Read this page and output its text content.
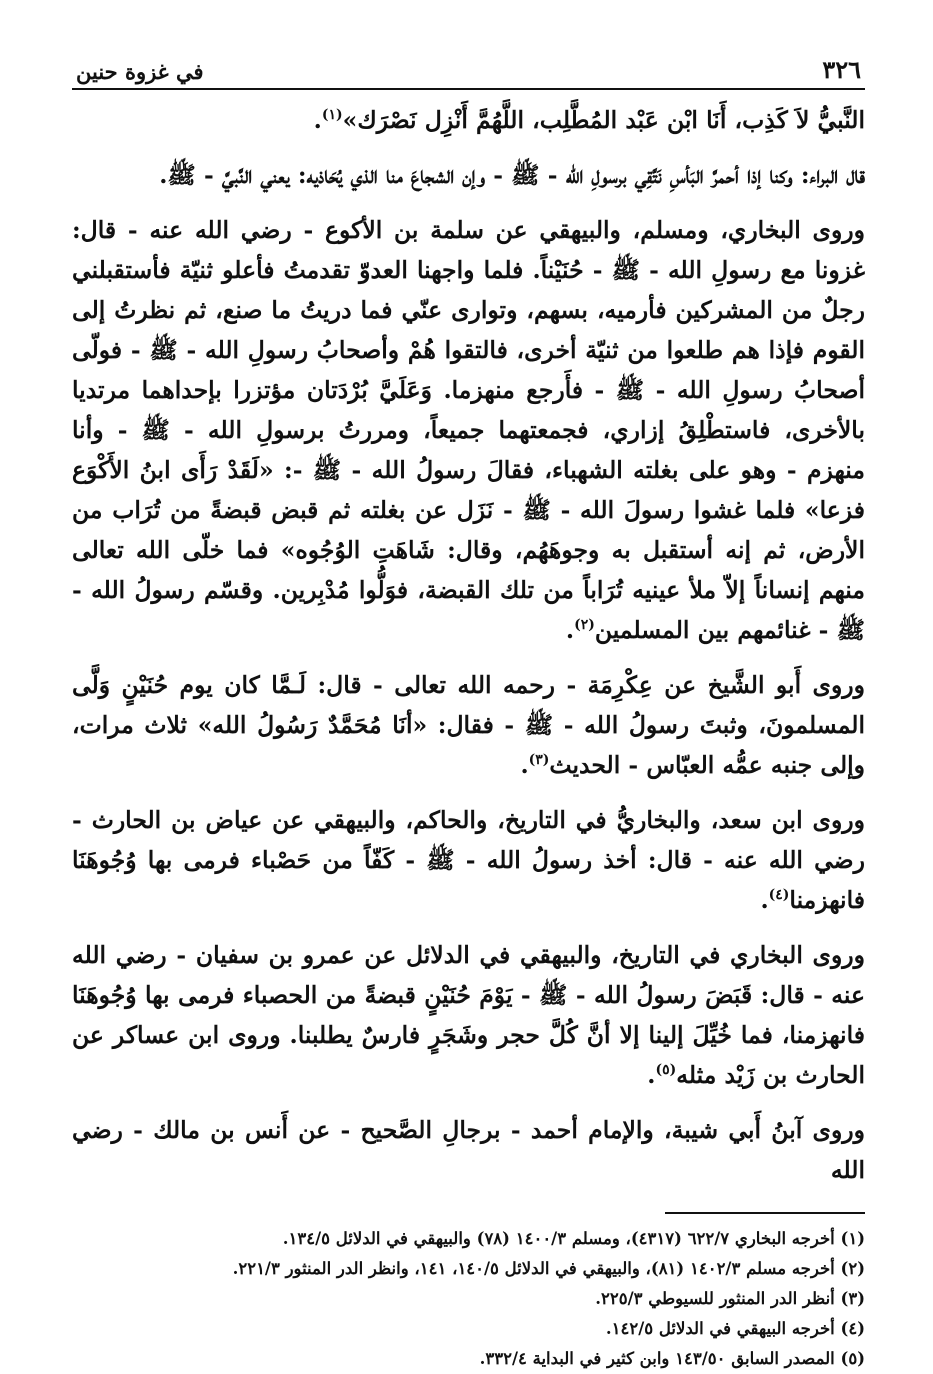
٣٢٦
في غزوة حنين

النَّبيُّ لاَ كَذِب، أَنَا ابْن عَبْد المُطَّلِب، اللَّهُمَّ أَنْزِل نَصْرَك»$^{(١)}$.

قال البراء: وكنا إذا أحمرَّ البَأسِ نَتَّقِي برسولِ الله - ﷺ - وإن الشجاعَ منا الذي يُحَاذيه: يعني النَّبيَّ - ﷺ.

وروى البخاري، ومسلم، والبيهقي عن سلمة بن الأكوع - رضي الله عنه - قال: غزونا مع رسولِ الله - ﷺ - حُنَيْناً. فلما واجهنا العدوّ تقدمتُ فأعلو ثنيّة فأستقبلني رجلٌ من المشركين فأرميه، بسهم، وتوارى عنّي فما دريتُ ما صنع، ثم نظرتُ إلى القوم فإذا هم طلعوا من ثنيّة أخرى، فالتقوا هُمْ وأصحابُ رسولِ الله - ﷺ - فولّى أصحابُ رسولِ الله - ﷺ - فأَرجع منهزما. وَعَلَيَّ بُرْدَتان مؤتزرا بإحداهما مرتديا بالأخرى، فاستطْلِقُ إزاري، فجمعتهما جميعاً، ومررتُ برسولِ الله - ﷺ - وأنا منهزم - وهو على بغلته الشهباء، فقالَ رسولُ الله - ﷺ -: «لَقَدْ رَأَى ابنُ الأَكْوَع فزعا» فلما غشوا رسولَ الله - ﷺ - نَزَل عن بغلته ثم قبض قبضةً من تُرَاب من الأرض، ثم إنه أستقبل به وجوهَهُم، وقال: شَاهَتِ الوُجُوه» فما خلّى الله تعالى منهم إنساناً إلاّ ملأ عينيه تُرَاباً من تلك القبضة، فوَلُّوا مُدْبِرين. وقسّم رسولُ الله - ﷺ - غنائمهم بين المسلمين$^{(٢)}$.

وروى أَبو الشَّيخ عن عِكْرِمَة - رحمه الله تعالى - قال: لَـمَّا كان يوم حُنَيْنٍ وَلَّى المسلمونَ، وثبتَ رسولُ الله - ﷺ - فقال: «أنَا مُحَمَّدٌ رَسُولُ الله» ثلاث مرات، وإلى جنبه عمُّه العبّاس - الحديث$^{(٣)}$.

وروى ابن سعد، والبخاريُّ في التاريخ، والحاكم، والبيهقي عن عياض بن الحارث - رضي الله عنه - قال: أخذ رسولُ الله - ﷺ - كَفّاً من حَصْباء فرمى بها وُجُوهَنَا فانهزمنا$^{(٤)}$.

وروى البخاري في التاريخ، والبيهقي في الدلائل عن عمرو بن سفيان - رضي الله عنه - قال: قَبَضَ رسولُ الله - ﷺ - يَوْمَ حُنَيْنٍ قبضةً من الحصباء فرمى بها وُجُوهَنَا فانهزمنا، فما خُيِّلَ إلينا إلا أنَّ كُلَّ حجر وشَجَرٍ فارسٌ يطلبنا. وروى ابن عساكر عن الحارث بن زَيْد مثله$^{(٥)}$.

وروى آبنُ أَبي شيبة، والإمام أحمد - برجالِ الصَّحيح - عن أَنس بن مالك - رضي الله

(١) أخرجه البخاري ٦٢٢/٧ (٤٣١٧)، ومسلم ١٤٠٠/٣ (٧٨) والبيهقي في الدلائل ١٣٤/٥.

(٢) أخرجه مسلم ١٤٠٢/٣ (٨١)، والبيهقي في الدلائل ١٤٠/٥، ١٤١، وانظر الدر المنثور ٢٢١/٣.

(٣) أنظر الدر المنثور للسيوطي ٢٢٥/٣.

(٤) أخرجه البيهقي في الدلائل ١٤٢/٥.

(٥) المصدر السابق ١٤٣/٥٠ وابن كثير في البداية ٣٣٢/٤.
